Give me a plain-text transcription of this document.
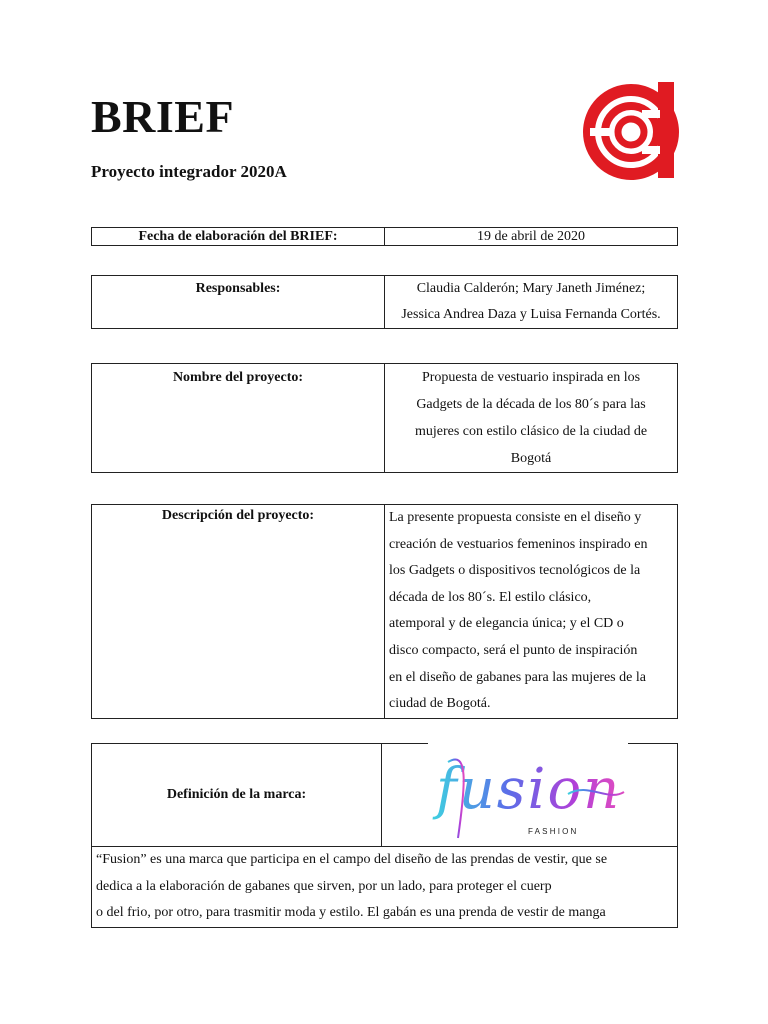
BRIEF
Proyecto integrador 2020A
Fecha de elaboración del BRIEF:	19 de abril de 2020
Responsables:	Claudia Calderón; Mary Janeth Jiménez;
Jessica Andrea Daza y Luisa Fernanda Cortés.
Nombre del proyecto:	Propuesta de vestuario inspirada en los
Gadgets de la década de los 80´s para las
mujeres con estilo clásico de la ciudad de
Bogotá
Descripción del proyecto:	La presente propuesta consiste en el diseño y
creación de vestuarios femeninos inspirado en
los Gadgets o dispositivos tecnológicos de la
década de los 80´s. El estilo clásico,
atemporal y de elegancia única; y el CD o
disco compacto, será el punto de inspiración
en el diseño de gabanes para las mujeres de la
ciudad de Bogotá.
Definición de la marca:	fusion
FASHION

“Fusion” es una marca que participa en el campo del diseño de las prendas de vestir, que se
dedica a la elaboración de gabanes que sirven, por un lado, para proteger el cuerp
o del frio, por otro, para trasmitir moda y estilo. El gabán es una prenda de vestir de manga
